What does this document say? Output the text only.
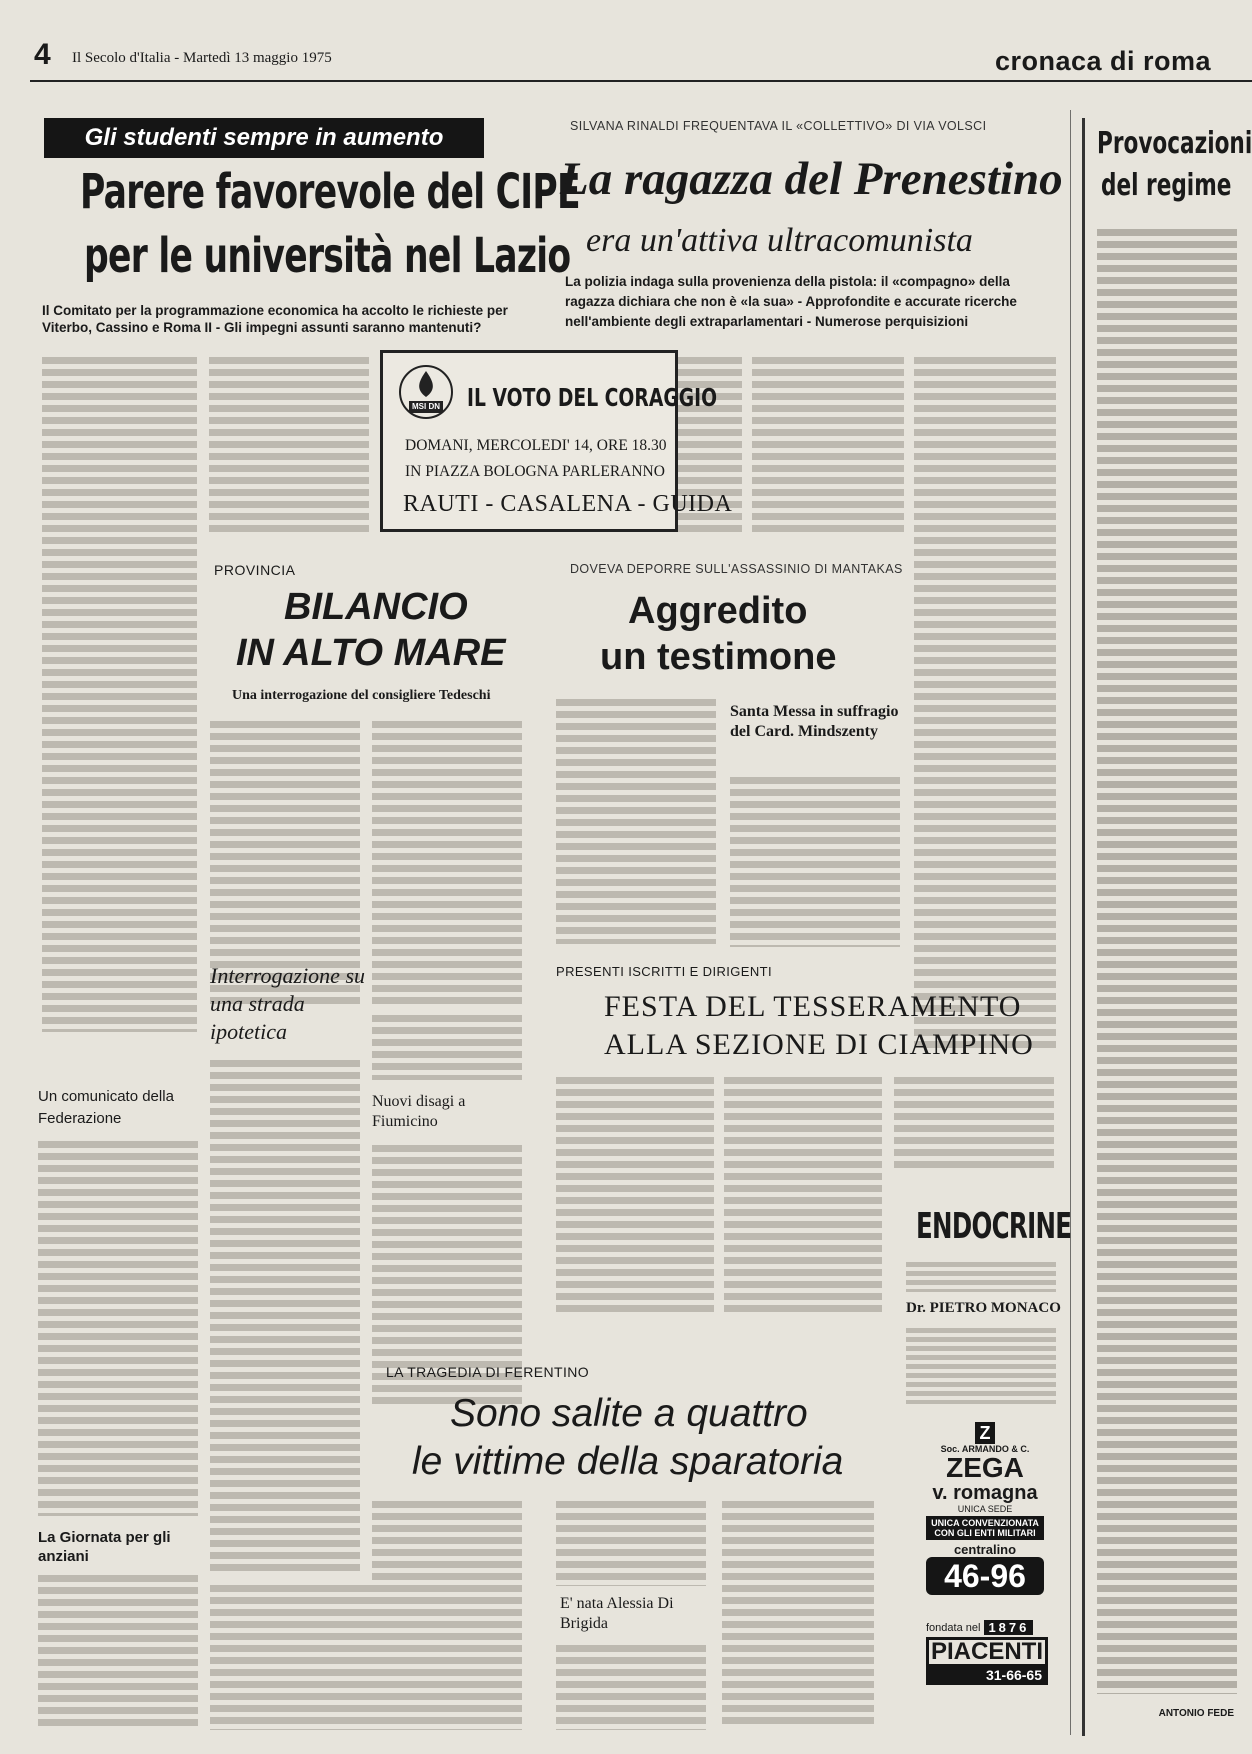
4 Il Secolo d'Italia - Martedì 13 maggio 1975	cronaca di roma
Gli studenti sempre in aumento
Parere favorevole del CIPE
per le università nel Lazio
Il Comitato per la programmazione economica ha accolto le richieste per Viterbo, Cassino e Roma II - Gli impegni assunti saranno mantenuti?
SILVANA RINALDI FREQUENTAVA IL «COLLETTIVO» DI VIA VOLSCI
La ragazza del Prenestino
era un'attiva ultracomunista
La polizia indaga sulla provenienza della pistola: il «compagno» della ragazza dichiara che non è «la sua» - Approfondite e accurate ricerche nell'ambiente degli extraparlamentari - Numerose perquisizioni
MSI DN IL VOTO DEL CORAGGIO
DOMANI, MERCOLEDI' 14, ORE 18.30
IN PIAZZA BOLOGNA PARLERANNO
RAUTI - CASALENA - GUIDA
PROVINCIA
BILANCIO
IN ALTO MARE
Una interrogazione del consigliere Tedeschi
DOVEVA DEPORRE SULL'ASSASSINIO DI MANTAKAS
Aggredito
un testimone
Santa Messa in suffragio del Card. Mindszenty
Interrogazione su una strada ipotetica
Nuovi disagi a Fiumicino
PRESENTI ISCRITTI E DIRIGENTI
FESTA DEL TESSERAMENTO
ALLA SEZIONE DI CIAMPINO
Un comunicato della Federazione
La Giornata per gli anziani
LA TRAGEDIA DI FERENTINO
Sono salite a quattro
le vittime della sparatoria
E' nata Alessia Di Brigida
ENDOCRINE
Dr. PIETRO MONACO
Z
Soc. ARMANDO & C.
ZEGA
v. romagna
UNICA SEDE
UNICA CONVENZIONATA
CON GLI ENTI MILITARI
centralino
46-96
fondata nel 1876
PIACENTI
31-66-65
Provocazioni
del regime
ANTONIO FEDE
